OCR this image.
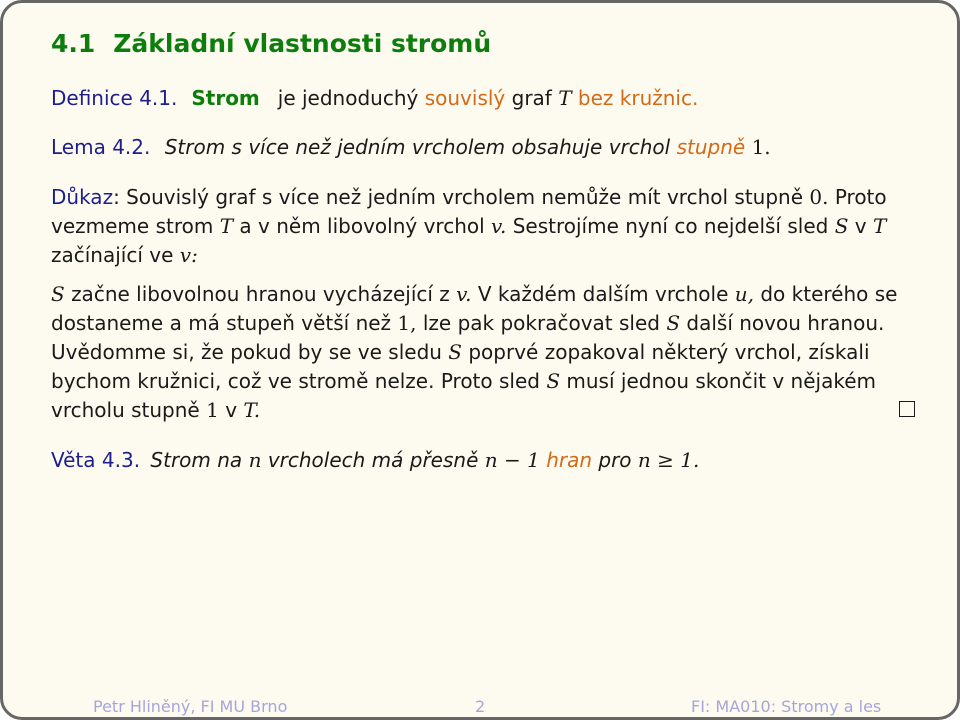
4.1 Základní vlastnosti stromů
Definice 4.1. Strom je jednoduchý souvislý graf T bez kružnic.
Lema 4.2. Strom s více než jedním vrcholem obsahuje vrchol stupně 1.
Důkaz: Souvislý graf s více než jedním vrcholem nemůže mít vrchol stupně 0. Proto
vezmeme strom T a v něm libovolný vrchol v. Sestrojíme nyní co nejdelší sled S v T
začínající ve v:
S začne libovolnou hranou vycházející z v. V každém dalším vrchole u, do kterého se
dostaneme a má stupeň větší než 1, lze pak pokračovat sled S další novou hranou.
Uvědomme si, že pokud by se ve sledu S poprvé zopakoval některý vrchol, získali
bychom kružnici, což ve stromě nelze. Proto sled S musí jednou skončit v nějakém
vrcholu stupně 1 v T.
Věta 4.3. Strom na n vrcholech má přesně n − 1 hran pro n ≥ 1.
Petr Hliněný, FI MU Brno	2	FI: MA010: Stromy a les
